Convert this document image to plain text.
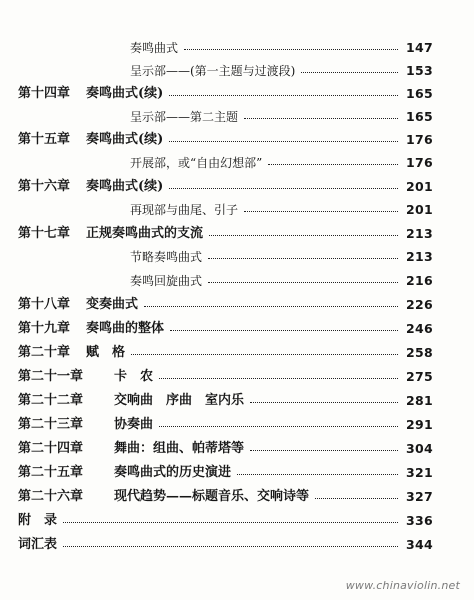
奏鸣曲式	147
呈示部——(第一主题与过渡段)	153
第十四章 奏鸣曲式(续)	165
呈示部——第二主题	165
第十五章 奏鸣曲式(续)	176
开展部，或“自由幻想部”	176
第十六章 奏鸣曲式(续)	201
再现部与曲尾、引子	201
第十七章 正规奏鸣曲式的支流	213
节略奏鸣曲式	213
奏鸣回旋曲式	216
第十八章 变奏曲式	226
第十九章 奏鸣曲的整体	246
第二十章 赋　格	258
第二十一章 卡　农	275
第二十二章 交响曲　序曲　室内乐	281
第二十三章 协奏曲	291
第二十四章 舞曲：组曲、帕蒂塔等	304
第二十五章 奏鸣曲式的历史演进	321
第二十六章 现代趋势——标题音乐、交响诗等	327
附　录	336
词汇表	344
www.chinaviolin.net
